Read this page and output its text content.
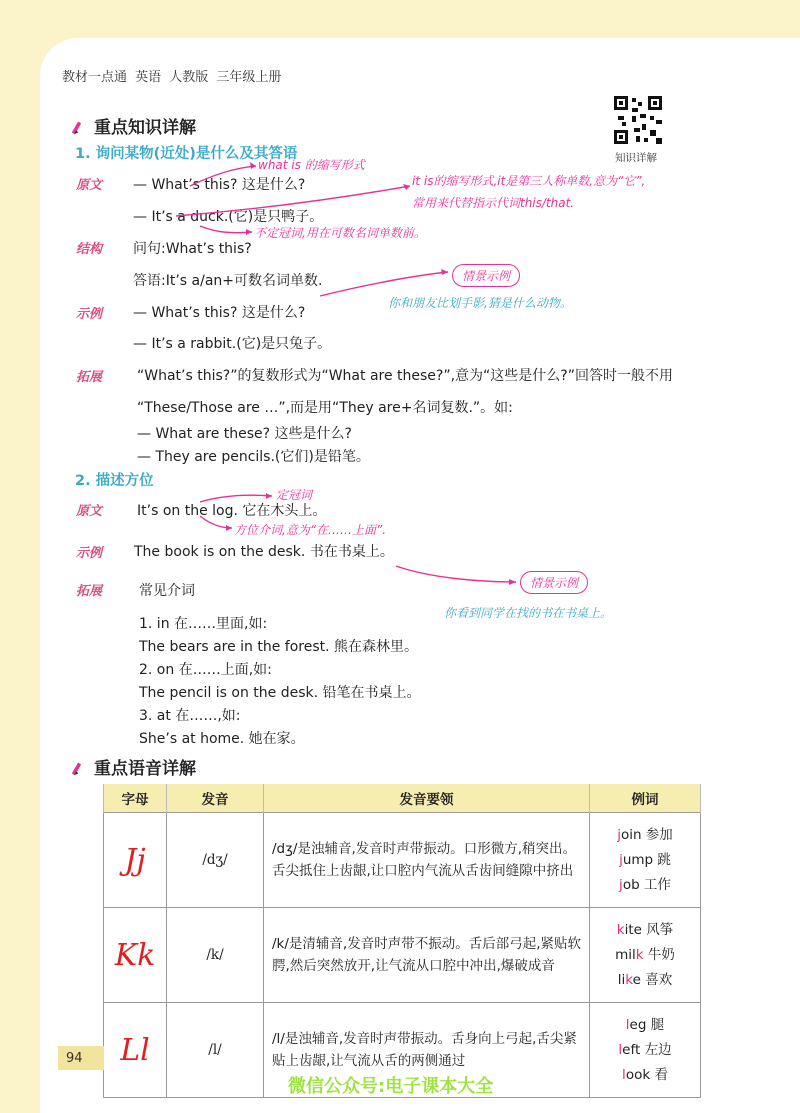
教材一点通 英语 人教版 三年级上册
重点知识详解
知识详解
1. 询问某物(近处)是什么及其答语
原文 — What’s this? 这是什么?
what is 的缩写形式
it is的缩写形式,it是第三人称单数,意为“它”,
常用来代替指示代词this/that.
— It’s a duck.(它)是只鸭子。
不定冠词,用在可数名词单数前。
结构 问句:What’s this?
答语:It’s a/an+可数名词单数.	情景示例
你和朋友比划手影,猜是什么动物。
示例 — What’s this? 这是什么?
— It’s a rabbit.(它)是只兔子。
拓展 “What’s this?”的复数形式为“What are these?”,意为“这些是什么?”回答时一般不用
“These/Those are …”,而是用“They are+名词复数.”。如:
— What are these? 这些是什么?
— They are pencils.(它们)是铅笔。
2. 描述方位
原文 It’s on the log. 它在木头上。
定冠词
方位介词,意为“在……上面”.
示例 The book is on the desk. 书在书桌上。
情景示例
你看到同学在找的书在书桌上。
拓展	常见介词
1. in 在……里面,如:
The bears are in the forest. 熊在森林里。
2. on 在……上面,如:
The pencil is on the desk. 铅笔在书桌上。
3. at 在……,如:
She’s at home. 她在家。
重点语音详解
字母	发音	发音要领	例词
Jj	/dʒ/	/dʒ/是浊辅音,发音时声带振动。口形微方,稍突出。舌尖抵住上齿龈,让口腔内气流从舌齿间缝隙中挤出	join 参加
jump 跳
job 工作

Kk	/k/	/k/是清辅音,发音时声带不振动。舌后部弓起,紧贴软腭,然后突然放开,让气流从口腔中冲出,爆破成音	kite 风筝
milk 牛奶
like 喜欢

Ll	/l/	/l/是浊辅音,发音时声带振动。舌身向上弓起,舌尖紧贴上齿龈,让气流从舌的两侧通过	leg 腿
left 左边
look 看
94
微信公众号:电子课本大全
